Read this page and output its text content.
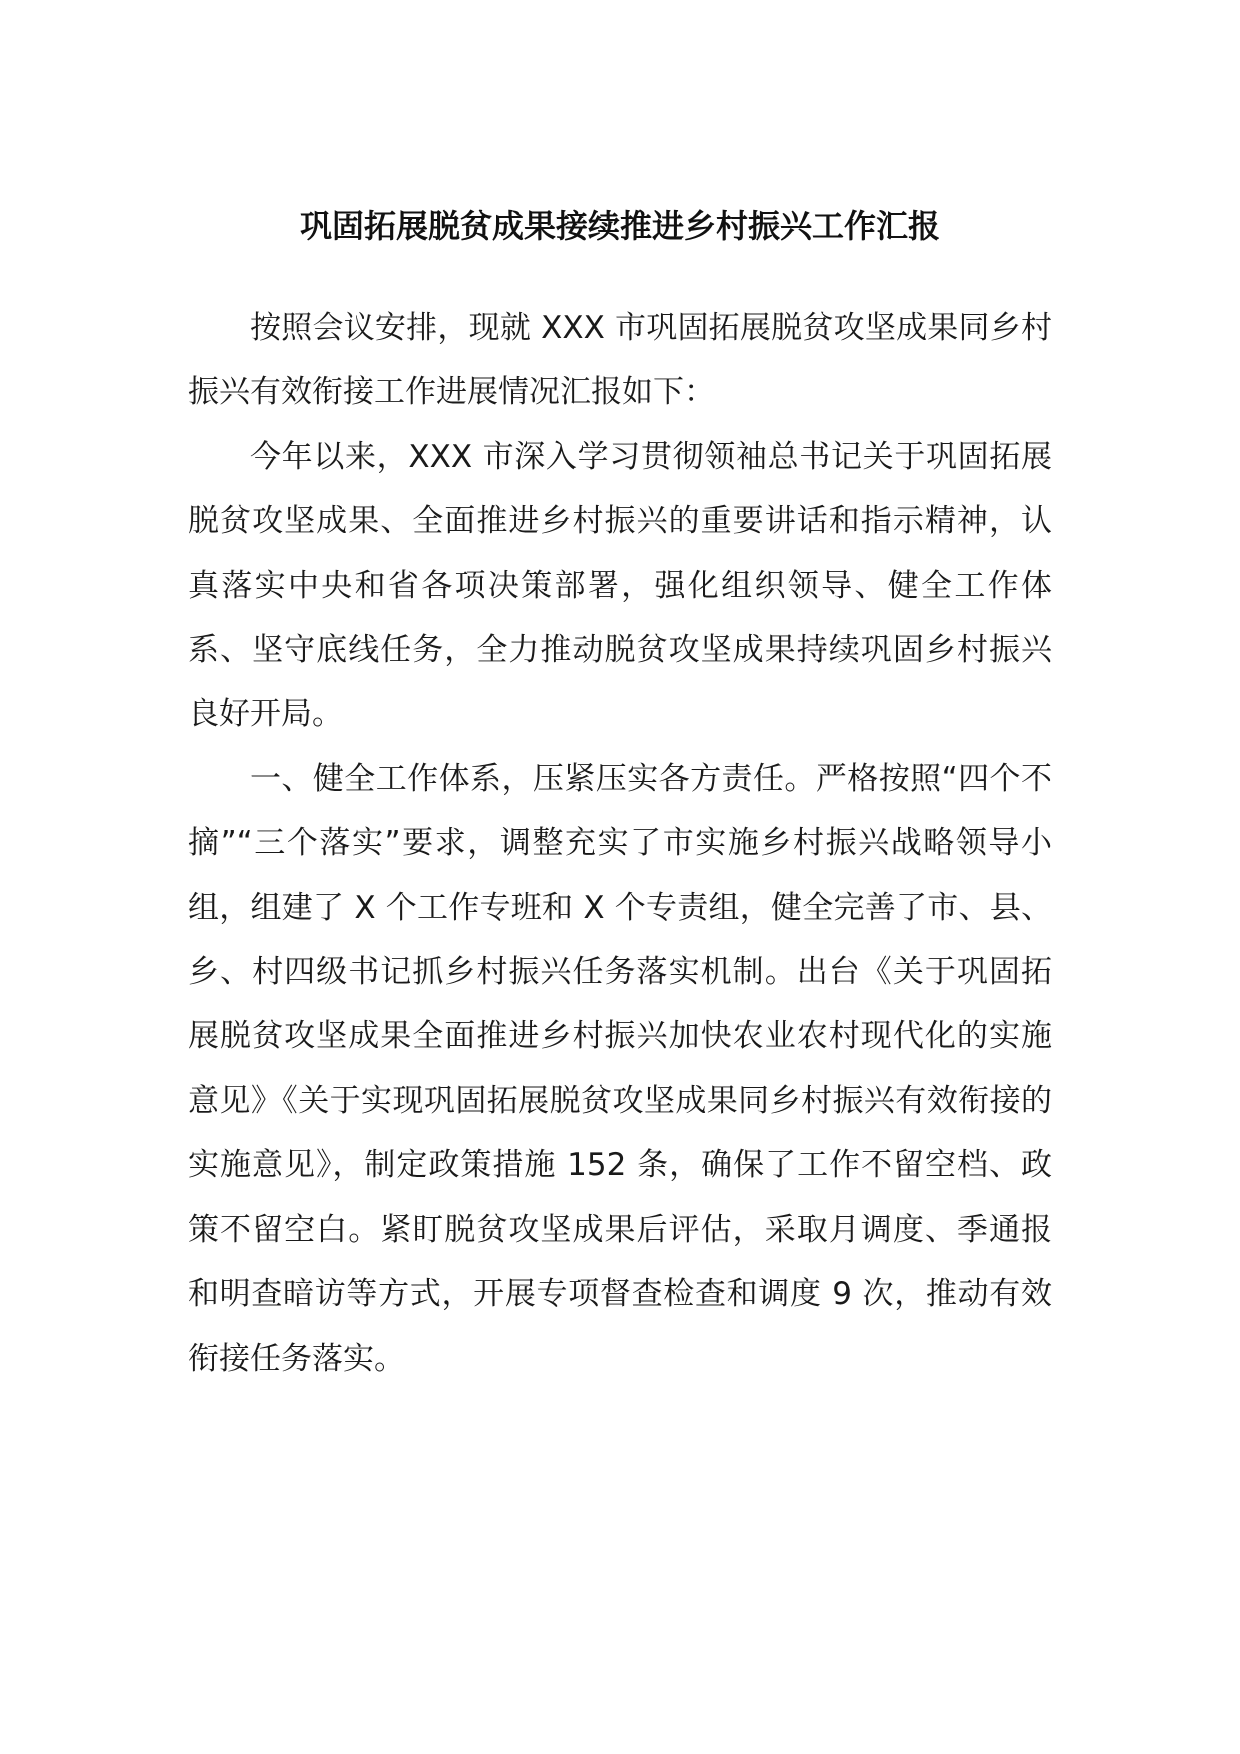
巩固拓展脱贫成果接续推进乡村振兴工作汇报

按照会议安排，现就 XXX 市巩固拓展脱贫攻坚成果同乡村振兴有效衔接工作进展情况汇报如下：

今年以来，XXX 市深入学习贯彻领袖总书记关于巩固拓展脱贫攻坚成果、全面推进乡村振兴的重要讲话和指示精神，认真落实中央和省各项决策部署，强化组织领导、健全工作体系、坚守底线任务，全力推动脱贫攻坚成果持续巩固乡村振兴良好开局。

一、健全工作体系，压紧压实各方责任。严格按照“四个不摘”“三个落实”要求，调整充实了市实施乡村振兴战略领导小组，组建了 X 个工作专班和 X 个专责组，健全完善了市、县、乡、村四级书记抓乡村振兴任务落实机制。出台《关于巩固拓展脱贫攻坚成果全面推进乡村振兴加快农业农村现代化的实施意见》《关于实现巩固拓展脱贫攻坚成果同乡村振兴有效衔接的实施意见》，制定政策措施 152 条，确保了工作不留空档、政策不留空白。紧盯脱贫攻坚成果后评估，采取月调度、季通报和明查暗访等方式，开展专项督查检查和调度 9 次，推动有效衔接任务落实。
